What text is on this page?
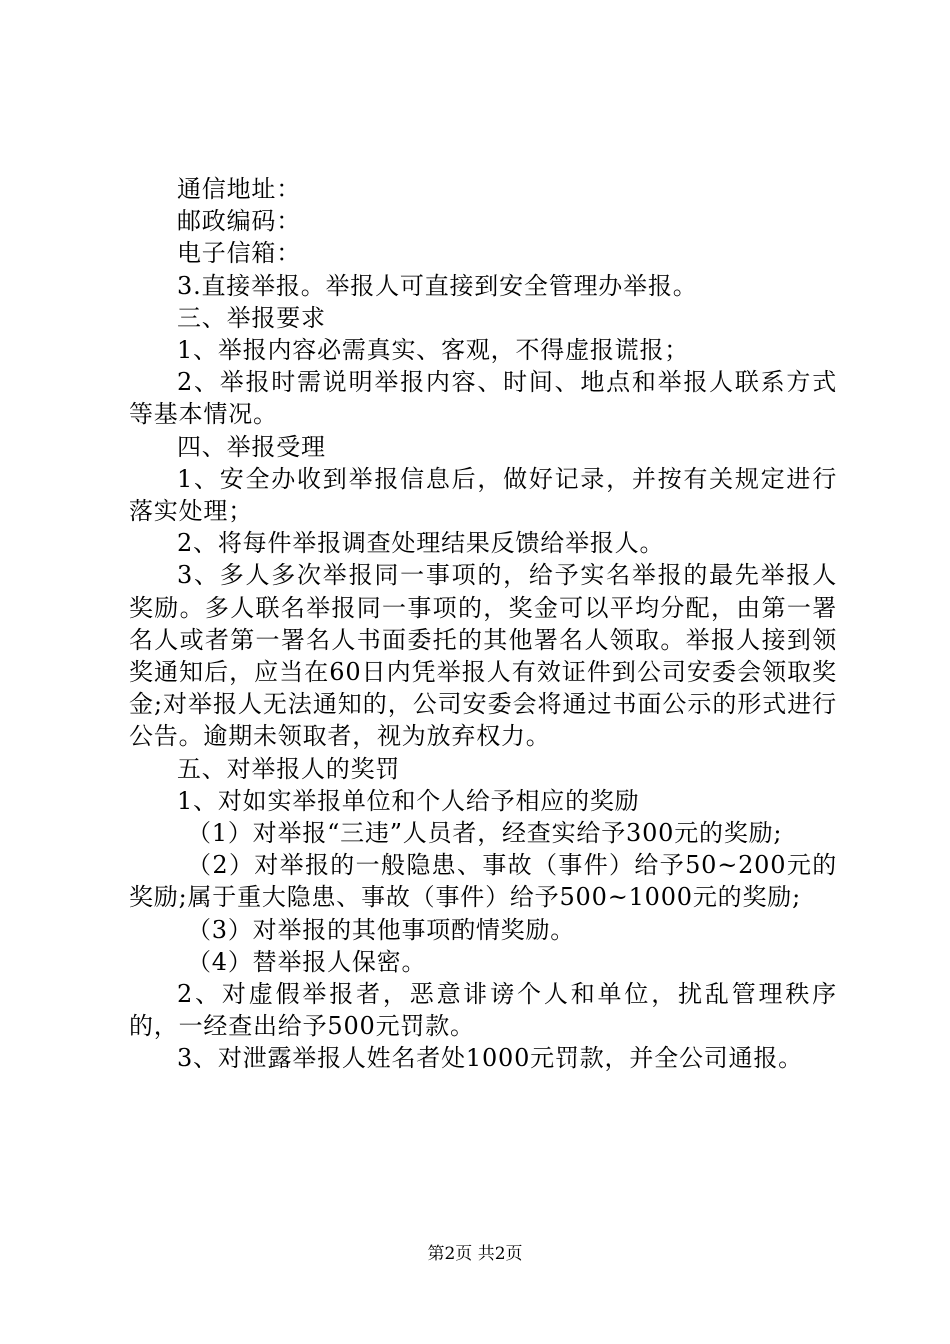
通信地址：

邮政编码：

电子信箱：

3.直接举报。举报人可直接到安全管理办举报。

三、举报要求

1、举报内容必需真实、客观，不得虚报谎报；

2、举报时需说明举报内容、时间、地点和举报人联系方式等基本情况。

四、举报受理

1、安全办收到举报信息后，做好记录，并按有关规定进行落实处理；

2、将每件举报调查处理结果反馈给举报人。

3、多人多次举报同一事项的，给予实名举报的最先举报人奖励。多人联名举报同一事项的，奖金可以平均分配，由第一署名人或者第一署名人书面委托的其他署名人领取。举报人接到领奖通知后，应当在60日内凭举报人有效证件到公司安委会领取奖金;对举报人无法通知的，公司安委会将通过书面公示的形式进行公告。逾期未领取者，视为放弃权力。

五、对举报人的奖罚

1、对如实举报单位和个人给予相应的奖励

（1）对举报“三违”人员者，经查实给予300元的奖励;

（2）对举报的一般隐患、事故（事件）给予50~200元的奖励;属于重大隐患、事故（事件）给予500~1000元的奖励;

（3）对举报的其他事项酌情奖励。

（4）替举报人保密。

2、对虚假举报者，恶意诽谤个人和单位，扰乱管理秩序的，一经查出给予500元罚款。

3、对泄露举报人姓名者处1000元罚款，并全公司通报。

第2页 共2页
